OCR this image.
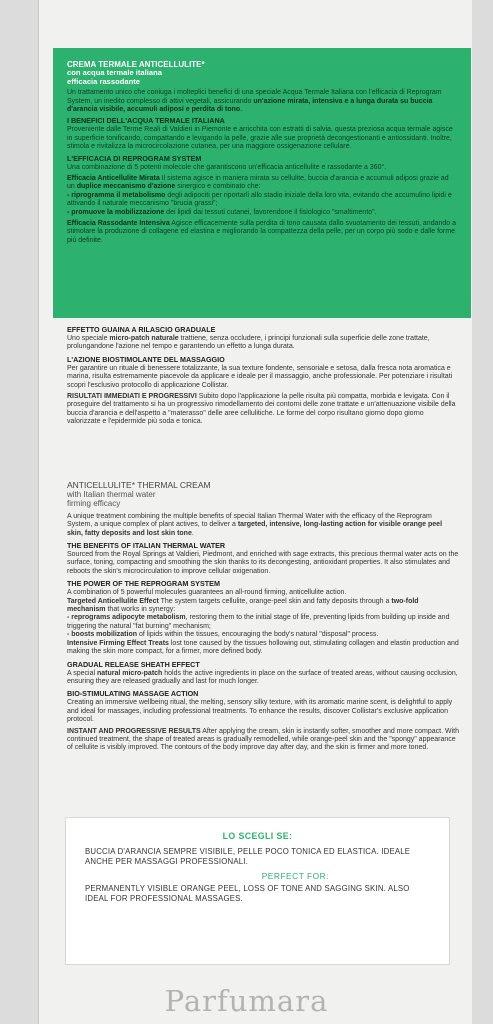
CREMA TERMALE ANTICELLULITE*
con acqua termale italiana
efficacia rassodante

Un trattamento unico che coniuga i molteplici benefici di una speciale Acqua Termale Italiana con l'efficacia di Reprogram System, un inedito complesso di attivi vegetali, assicurando un'azione mirata, intensiva e a lunga durata su buccia d'arancia visibile, accumuli adiposi e perdita di tono.

I BENEFICI DELL'ACQUA TERMALE ITALIANA

Proveniente dalle Terme Reali di Valdieri in Piemonte e arricchita con estratti di salvia, questa preziosa acqua termale agisce in superficie tonificando, compattando e levigando la pelle, grazie alle sue proprietà decongestionanti e antiossidanti. Inoltre, stimola e rivitalizza la microcircolazione cutanea, per una maggiore ossigenazione cellulare.

L'EFFICACIA DI REPROGRAM SYSTEM

Una combinazione di 5 potenti molecole che garantiscono un'efficacia anticellulite e rassodante a 360°.

Efficacia Anticellulite Mirata Il sistema agisce in maniera mirata su cellulite, buccia d'arancia e accumuli adiposi grazie ad un duplice meccanismo d'azione sinergico e combinato che:
- riprogramma il metabolismo degli adipociti per riportarli allo stadio iniziale della loro vita, evitando che accumulino lipidi e attivando il naturale meccanismo "brucia grassi";
- promuove la mobilizzazione dei lipidi dai tessuti cutanei, favorendone il fisiologico "smaltimento".

Efficacia Rassodante Intensiva Agisce efficacemente sulla perdita di tono causata dallo svuotamento dei tessuti, andando a stimolare la produzione di collagene ed elastina e migliorando la compattezza della pelle, per un corpo più sodo e dalle forme più definite.

EFFETTO GUAINA A RILASCIO GRADUALE

Uno speciale micro-patch naturale trattiene, senza occludere, i principi funzionali sulla superficie delle zone trattate, prolungandone l'azione nel tempo e garantendo un effetto a lunga durata.

L'AZIONE BIOSTIMOLANTE DEL MASSAGGIO

Per garantire un rituale di benessere totalizzante, la sua texture fondente, sensoriale e setosa, dalla fresca nota aromatica e marina, risulta estremamente piacevole da applicare e ideale per il massaggio, anche professionale. Per potenziare i risultati scopri l'esclusivo protocollo di applicazione Collistar.

RISULTATI IMMEDIATI E PROGRESSIVI Subito dopo l'applicazione la pelle risulta più compatta, morbida e levigata. Con il proseguire del trattamento si ha un progressivo rimodellamento dei contorni delle zone trattate e un'attenuazione visibile della buccia d'arancia e dell'aspetto a "materasso" delle aree cellulitiche. Le forme del corpo risultano giorno dopo giorno valorizzate e l'epidermide più soda e tonica.

ANTICELLULITE* THERMAL CREAM
with Italian thermal water
firming efficacy

A unique treatment combining the multiple benefits of special Italian Thermal Water with the efficacy of the Reprogram System, a unique complex of plant actives, to deliver a targeted, intensive, long-lasting action for visible orange peel skin, fatty deposits and lost skin tone.

THE BENEFITS OF ITALIAN THERMAL WATER

Sourced from the Royal Springs at Valdieri, Piedmont, and enriched with sage extracts, this precious thermal water acts on the surface, toning, compacting and smoothing the skin thanks to its decongesting, antioxidant properties. It also stimulates and reboots the skin's microcirculation to improve cellular oxigenation.

THE POWER OF THE REPROGRAM SYSTEM

A combination of 5 powerful molecules guarantees an all-round firming, anticellulite action.
Targeted Anticellulite Effect The system targets cellulite, orange-peel skin and fatty deposits through a two-fold mechanism that works in synergy:
- reprograms adipocyte metabolism, restoring them to the initial stage of life, preventing lipids from building up inside and triggering the natural "fat burning" mechanism;
- boosts mobilization of lipids within the tissues, encouraging the body's natural "disposal" process.
Intensive Firming Effect Treats lost tone caused by the tissues hollowing out, stimulating collagen and elastin production and making the skin more compact, for a firmer, more defined body.

GRADUAL RELEASE SHEATH EFFECT

A special natural micro-patch holds the active ingredients in place on the surface of treated areas, without causing occlusion, ensuring they are released gradually and last for much longer.

BIO-STIMULATING MASSAGE ACTION

Creating an immersive wellbeing ritual, the melting, sensory silky texture, with its aromatic marine scent, is delightful to apply and ideal for massages, including professional treatments. To enhance the results, discover Collistar's exclusive application protocol.

INSTANT AND PROGRESSIVE RESULTS After applying the cream, skin is instantly softer, smoother and more compact. With continued treatment, the shape of treated areas is gradually remodelled, while orange-peel skin and the "spongy" appearance of cellulite is visibly improved. The contours of the body improve day after day, and the skin is firmer and more toned.

LO SCEGLI SE:
BUCCIA D'ARANCIA SEMPRE VISIBILE, PELLE POCO TONICA ED ELASTICA. IDEALE ANCHE PER MASSAGGI PROFESSIONALI.
PERFECT FOR:
PERMANENTLY VISIBLE ORANGE PEEL, LOSS OF TONE AND SAGGING SKIN. ALSO IDEAL FOR PROFESSIONAL MASSAGES.
Parfumara
